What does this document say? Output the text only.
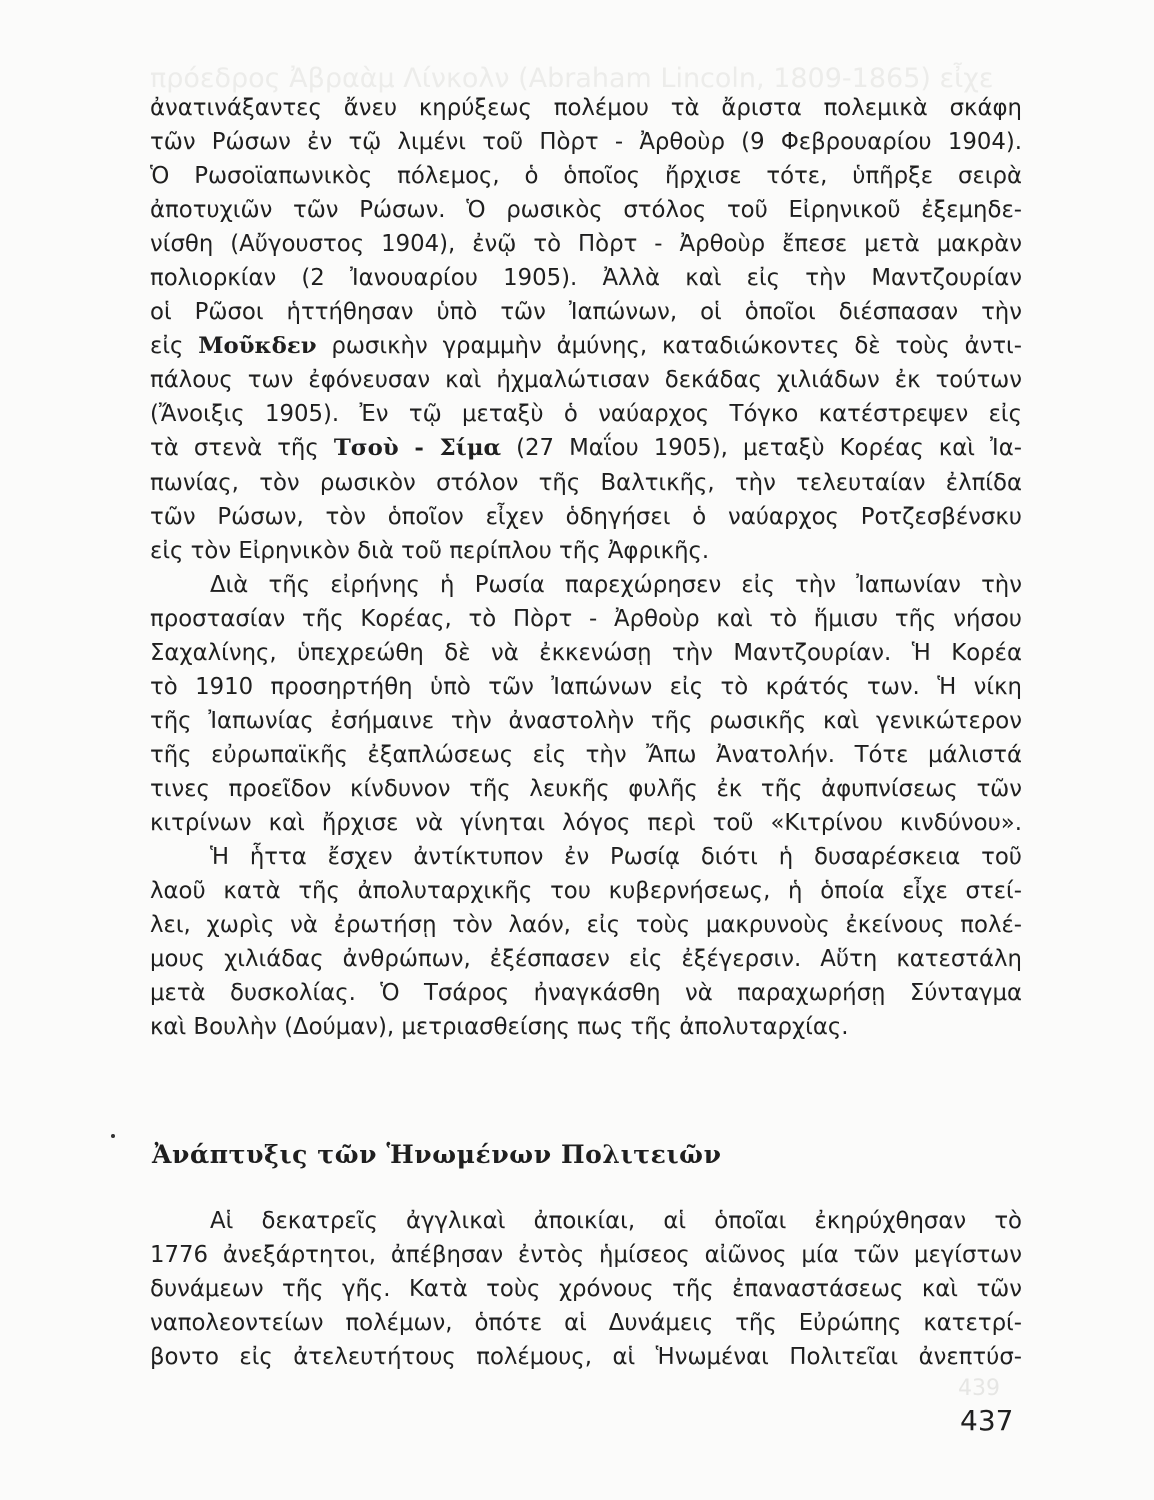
πρόεδρος Ἀβραὰμ Λίνκολν (Abraham Lincoln, 1809-1865) εἶχε
439
ἀνατινάξαντες ἄνευ κηρύξεως πολέμου τὰ ἄριστα πολεμικὰ σκάφη
τῶν Ρώσων ἐν τῷ λιμένι τοῦ Πὸρτ - Ἀρθοὺρ (9 Φεβρουαρίου 1904).
Ὁ Ρωσοϊαπωνικὸς πόλεμος, ὁ ὁποῖος ἤρχισε τότε, ὑπῆρξε σειρὰ
ἀποτυχιῶν τῶν Ρώσων. Ὁ ρωσικὸς στόλος τοῦ Εἰρηνικοῦ ἐξεμηδε-
νίσθη (Αὔγουστος 1904), ἐνῷ τὸ Πὸρτ - Ἀρθοὺρ ἔπεσε μετὰ μακρὰν
πολιορκίαν (2 Ἰανουαρίου 1905). Ἀλλὰ καὶ εἰς τὴν Μαντζουρίαν
οἱ Ρῶσοι ἡττήθησαν ὑπὸ τῶν Ἰαπώνων, οἱ ὁποῖοι διέσπασαν τὴν
εἰς Μοῦκδεν ρωσικὴν γραμμὴν ἀμύνης, καταδιώκοντες δὲ τοὺς ἀντι-
πάλους των ἐφόνευσαν καὶ ἠχμαλώτισαν δεκάδας χιλιάδων ἐκ τούτων
(Ἄνοιξις 1905). Ἐν τῷ μεταξὺ ὁ ναύαρχος Τόγκο κατέστρεψεν εἰς
τὰ στενὰ τῆς Τσοὺ - Σίμα (27 Μαΐου 1905), μεταξὺ Κορέας καὶ Ἰα-
πωνίας, τὸν ρωσικὸν στόλον τῆς Βαλτικῆς, τὴν τελευταίαν ἐλπίδα
τῶν Ρώσων, τὸν ὁποῖον εἶχεν ὁδηγήσει ὁ ναύαρχος Ροτζεσβένσκυ
εἰς τὸν Εἰρηνικὸν διὰ τοῦ περίπλου τῆς Ἀφρικῆς.
Διὰ τῆς εἰρήνης ἡ Ρωσία παρεχώρησεν εἰς τὴν Ἰαπωνίαν τὴν
προστασίαν τῆς Κορέας, τὸ Πὸρτ - Ἀρθοὺρ καὶ τὸ ἥμισυ τῆς νήσου
Σαχαλίνης, ὑπεχρεώθη δὲ νὰ ἐκκενώσῃ τὴν Μαντζουρίαν. Ἡ Κορέα
τὸ 1910 προσηρτήθη ὑπὸ τῶν Ἰαπώνων εἰς τὸ κράτός των. Ἡ νίκη
τῆς Ἰαπωνίας ἐσήμαινε τὴν ἀναστολὴν τῆς ρωσικῆς καὶ γενικώτερον
τῆς εὐρωπαϊκῆς ἐξαπλώσεως εἰς τὴν Ἄπω Ἀνατολήν. Τότε μάλιστά
τινες προεῖδον κίνδυνον τῆς λευκῆς φυλῆς ἐκ τῆς ἀφυπνίσεως τῶν
κιτρίνων καὶ ἤρχισε νὰ γίνηται λόγος περὶ τοῦ «Κιτρίνου κινδύνου».
Ἡ ἧττα ἔσχεν ἀντίκτυπον ἐν Ρωσίᾳ διότι ἡ δυσαρέσκεια τοῦ
λαοῦ κατὰ τῆς ἀπολυταρχικῆς του κυβερνήσεως, ἡ ὁποία εἶχε στεί-
λει, χωρὶς νὰ ἐρωτήσῃ τὸν λαόν, εἰς τοὺς μακρυνοὺς ἐκείνους πολέ-
μους χιλιάδας ἀνθρώπων, ἐξέσπασεν εἰς ἐξέγερσιν. Αὕτη κατεστάλη
μετὰ δυσκολίας. Ὁ Τσάρος ἠναγκάσθη νὰ παραχωρήσῃ Σύνταγμα
καὶ Βουλὴν (Δούμαν), μετριασθείσης πως τῆς ἀπολυταρχίας.
Ἀνάπτυξις τῶν Ἡνωμένων Πολιτειῶν
Αἱ δεκατρεῖς ἀγγλικαὶ ἀποικίαι, αἱ ὁποῖαι ἐκηρύχθησαν τὸ
1776 ἀνεξάρτητοι, ἀπέβησαν ἐντὸς ἡμίσεος αἰῶνος μία τῶν μεγίστων
δυνάμεων τῆς γῆς. Κατὰ τοὺς χρόνους τῆς ἐπαναστάσεως καὶ τῶν
ναπολεοντείων πολέμων, ὁπότε αἱ Δυνάμεις τῆς Εὐρώπης κατετρί-
βοντο εἰς ἀτελευτήτους πολέμους, αἱ Ἡνωμέναι Πολιτεῖαι ἀνεπτύσ-
437
